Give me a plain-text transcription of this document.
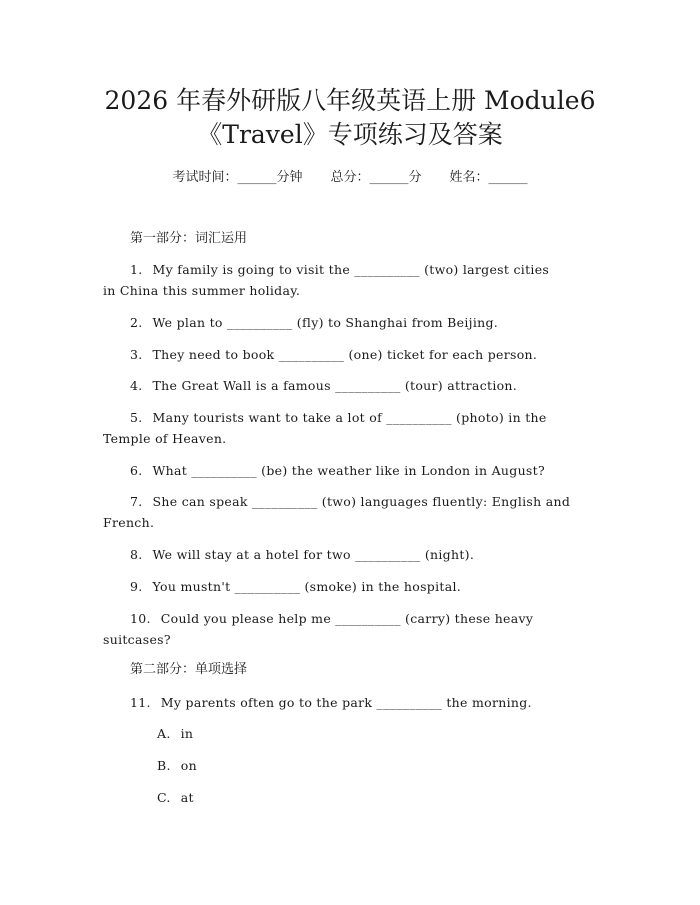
2026 年春外研版八年级英语上册 Module6
《Travel》专项练习及答案
考试时间：______分钟 总分：______分 姓名：______
第一部分：词汇运用
1. My family is going to visit the __________ (two) largest cities
in China this summer holiday.
2. We plan to __________ (fly) to Shanghai from Beijing.
3. They need to book __________ (one) ticket for each person.
4. The Great Wall is a famous __________ (tour) attraction.
5. Many tourists want to take a lot of __________ (photo) in the
Temple of Heaven.
6. What __________ (be) the weather like in London in August?
7. She can speak __________ (two) languages fluently: English and
French.
8. We will stay at a hotel for two __________ (night).
9. You mustn't __________ (smoke) in the hospital.
10. Could you please help me __________ (carry) these heavy
suitcases?
第二部分：单项选择
11. My parents often go to the park __________ the morning.
A. in
B. on
C. at
